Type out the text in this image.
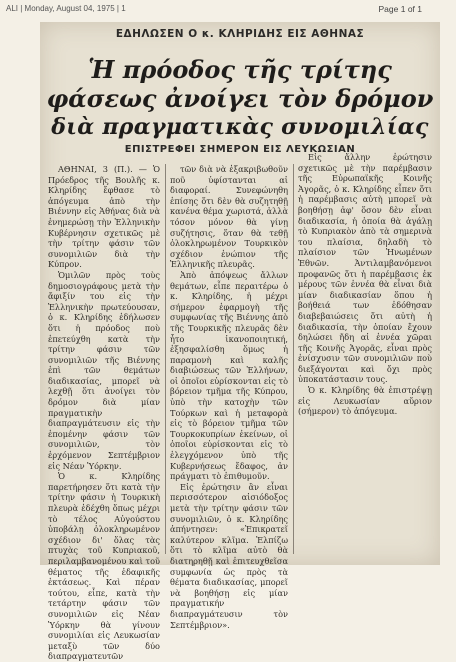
ALI | Monday, August 04, 1975 | 1	Page 1 of 1
ΕΔΗΛΩΣΕΝ Ο κ. ΚΛΗΡΙΔΗΣ ΕΙΣ ΑΘΗΝΑΣ
Ἡ πρόοδος τῆς τρίτης
φάσεως ἀνοίγει τὸν δρόμον
διὰ πραγματικὰς συνομιλίας
ΕΠΙΣΤΡΕΦΕΙ ΣΗΜΕΡΟΝ ΕΙΣ ΛΕΥΚΩΣΙΑΝ

ΑΘΗΝΑΙ, 3 (Π.). — Ὁ Πρόεδρος τῆς Βουλῆς κ. Κληρίδης ἔφθασε τὸ ἀπόγευμα ἀπὸ τὴν Βιέννην εἰς Ἀθήνας διὰ νὰ ἐνημερώσῃ τὴν Ἑλληνικὴν Κυβέρνησιν σχετικῶς μὲ τὴν τρίτην φάσιν τῶν συνομιλιῶν διὰ τὴν Κύπρον.

Ὁμιλῶν πρὸς τοὺς δημοσιογράφους μετὰ τὴν ἄφιξίν του εἰς τὴν Ἑλληνικὴν πρωτεύουσαν, ὁ κ. Κληρίδης ἐδήλωσεν ὅτι ἡ πρόοδος ποὺ ἐπετεύχθη κατὰ τὴν τρίτην φάσιν τῶν συνομιλιῶν τῆς Βιέννης ἐπὶ τῶν θεμάτων διαδικασίας, μπορεῖ νὰ λεχθῇ ὅτι ἀνοίγει τὸν δρόμον διὰ μίαν πραγματικὴν διαπραγμάτευσιν εἰς τὴν ἐπομένην φάσιν τῶν συνομιλιῶν, τὸν ἐρχόμενον Σεπτέμβριον εἰς Νέαν Ὑόρκην.

Ὁ κ. Κληρίδης παρετήρησεν ὅτι κατὰ τὴν τρίτην φάσιν ἡ Τουρκικὴ πλευρὰ ἐδέχθη ὅπως μέχρι τὸ τέλος Αὐγούστου ὑποβάλῃ ὁλοκληρωμένον σχέδιον δι' ὅλας τὰς πτυχὰς τοῦ Κυπριακοῦ, περιλαμβανομένου καὶ τοῦ θέματος τῆς ἐδαφικῆς ἐκτάσεως. Καὶ πέραν τούτου, εἶπε, κατὰ τὴν τετάρτην φάσιν τῶν συνομιλιῶν εἰς Νέαν Ὑόρκην θὰ γίνουν συνομιλίαι εἰς Λευκωσίαν μεταξὺ τῶν δύο διαπραγματευτῶν

τῶν διὰ νὰ ἐξακριβωθοῦν ποῦ ὑφίστανται αἱ διαφοραί. Συνεφώνηθη ἐπίσης ὅτι δὲν θὰ συζητηθῇ κανένα θέμα χωριστά, ἀλλὰ τόσον μόνον θὰ γίνῃ συζήτησις, ὅταν θὰ τεθῇ ὁλοκληρωμένον Τουρκικὸν σχέδιον ἐνώπιον τῆς Ἑλληνικῆς πλευρᾶς.

Ἀπὸ ἀπόψεως ἄλλων θεμάτων, εἶπε περαιτέρω ὁ κ. Κληρίδης, ἡ μέχρι σήμερον ἐφαρμογὴ τῆς συμφωνίας τῆς Βιέννης ἀπὸ τῆς Τουρκικῆς πλευρᾶς δὲν ἦτο ἱκανοποιητική, ἐξησφαλίσθη ὅμως ἡ παραμονὴ καὶ καλῆς διαβιώσεως τῶν Ἑλλήνων, οἱ ὁποῖοι εὑρίσκονται εἰς τὸ βόρειον τμῆμα τῆς Κύπρου, ὑπὸ τὴν κατοχὴν τῶν Τούρκων καὶ ἡ μεταφορὰ εἰς τὸ βόρειον τμῆμα τῶν Τουρκοκυπρίων ἐκείνων, οἱ ὁποῖοι εὑρίσκονται εἰς τὸ ἐλεγχόμενον ὑπὸ τῆς Κυβερνήσεως ἔδαφος, ἀν πράγματι τὸ ἐπιθυμοῦν.

Εἰς ἐρώτησιν ἂν εἶναι περισσότερον αἰσιόδοξος μετὰ τὴν τρίτην φάσιν τῶν συνομιλιῶν, ὁ κ. Κληρίδης ἀπήντησεν: «Ἐπικρατεῖ καλύτερον κλῖμα. Ἐλπίζω ὅτι τὸ κλῖμα αὐτὸ θὰ διατηρηθῇ καὶ ἐπιτευχθεῖσα συμφωνία ὡς πρὸς τὰ θέματα διαδικασίας, μπορεῖ νὰ βοηθήσῃ εἰς μίαν πραγματικήν διαπραγμάτευσιν τὸν Σεπτέμβριον».

Εἰς ἄλλην ἐρώτησιν σχετικῶς μὲ τὴν παρέμβασιν τῆς Εὐρωπαϊκῆς Κοινῆς Ἀγορᾶς, ὁ κ. Κληρίδης εἶπεν ὅτι ἡ παρέμβασις αὐτὴ μπορεῖ νὰ βοηθήσῃ ἀφ' ὅσον δὲν εἶναι διαδικασία, ἡ ὁποία θὰ ἀγάλῃ τὸ Κυπριακὸν ἀπὸ τὰ σημερινὰ του πλαίσια, δηλαδὴ τὸ πλαίσιον τῶν Ἡνωμένων Ἐθνῶν. Ἀντιλαμβανόμενοι προφανῶς ὅτι ἡ παρέμβασις ἐκ μέρους τῶν ἐννέα θὰ εἶναι διὰ μίαν διαδικασίαν ὅπου ἡ βοήθειά των ἐδόθησαν διαβεβαιώσεις ὅτι αὐτὴ ἡ διαδικασία, τὴν ὁποίαν ἔχουν δηλώσει ἤδη αἱ ἐννέα χῶραι τῆς Κοινῆς Ἀγορᾶς, εἶναι πρὸς ἐνίσχυσιν τῶν συνομιλιῶν ποὺ διεξάγονται καὶ ὄχι πρὸς ὑποκατάστασιν τους.

Ὁ κ. Κληρίδης θὰ ἐπιστρέψῃ εἰς Λευκωσίαν αὔριον (σήμερον) τὸ ἀπόγευμα.
